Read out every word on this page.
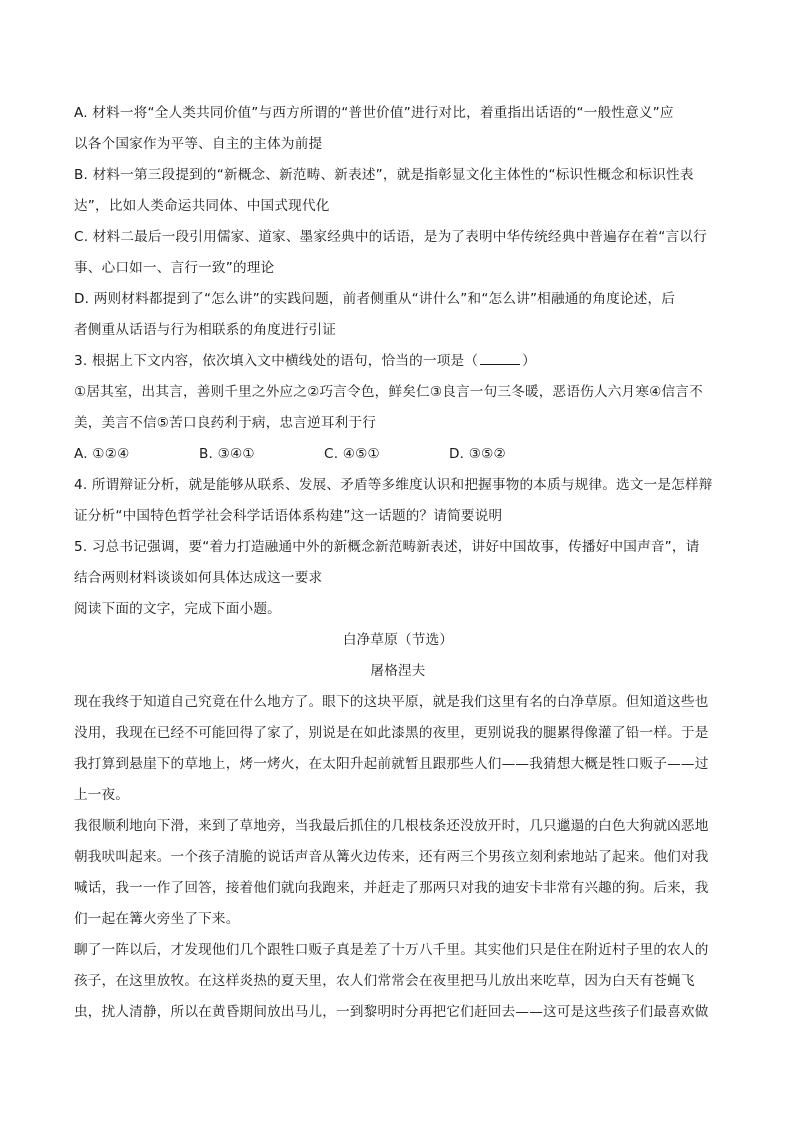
A. 材料一将“全人类共同价值”与西方所谓的“普世价值”进行对比，着重指出话语的“一般性意义”应

以各个国家作为平等、自主的主体为前提

B. 材料一第三段提到的“新概念、新范畴、新表述”，就是指彰显文化主体性的“标识性概念和标识性表

达”，比如人类命运共同体、中国式现代化

C. 材料二最后一段引用儒家、道家、墨家经典中的话语，是为了表明中华传统经典中普遍存在着“言以行

事、心口如一、言行一致”的理论

D. 两则材料都提到了“怎么讲”的实践问题，前者侧重从“讲什么”和“怎么讲”相融通的角度论述，后

者侧重从话语与行为相联系的角度进行引证

3. 根据上下文内容，依次填入文中横线处的语句，恰当的一项是（	）

①居其室，出其言，善则千里之外应之②巧言令色，鲜矣仁③良言一句三冬暖，恶语伤人六月寒④信言不

美，美言不信⑤苦口良药利于病，忠言逆耳利于行

A. ①②④	B. ③④①	C. ④⑤①	D. ③⑤②

4. 所谓辩证分析，就是能够从联系、发展、矛盾等多维度认识和把握事物的本质与规律。选文一是怎样辩

证分析“中国特色哲学社会科学话语体系构建”这一话题的？请简要说明

5. 习总书记强调，要“着力打造融通中外的新概念新范畴新表述，讲好中国故事，传播好中国声音”，请

结合两则材料谈谈如何具体达成这一要求

阅读下面的文字，完成下面小题。

白净草原（节选）

屠格涅夫

现在我终于知道自己究竟在什么地方了。眼下的这块平原，就是我们这里有名的白净草原。但知道这些也

没用，我现在已经不可能回得了家了，别说是在如此漆黑的夜里，更别说我的腿累得像灌了铅一样。于是

我打算到悬崖下的草地上，烤一烤火，在太阳升起前就暂且跟那些人们——我猜想大概是牲口贩子——过

上一夜。

我很顺利地向下滑，来到了草地旁，当我最后抓住的几根枝条还没放开时，几只邋遢的白色大狗就凶恶地

朝我吠叫起来。一个孩子清脆的说话声音从篝火边传来，还有两三个男孩立刻利索地站了起来。他们对我

喊话，我一一作了回答，接着他们就向我跑来，并赶走了那两只对我的迪安卡非常有兴趣的狗。后来，我

们一起在篝火旁坐了下来。

聊了一阵以后，才发现他们几个跟牲口贩子真是差了十万八千里。其实他们只是住在附近村子里的农人的

孩子，在这里放牧。在这样炎热的夏天里，农人们常常会在夜里把马儿放出来吃草，因为白天有苍蝇飞

虫，扰人清静，所以在黄昏期间放出马儿，一到黎明时分再把它们赶回去——这可是这些孩子们最喜欢做
